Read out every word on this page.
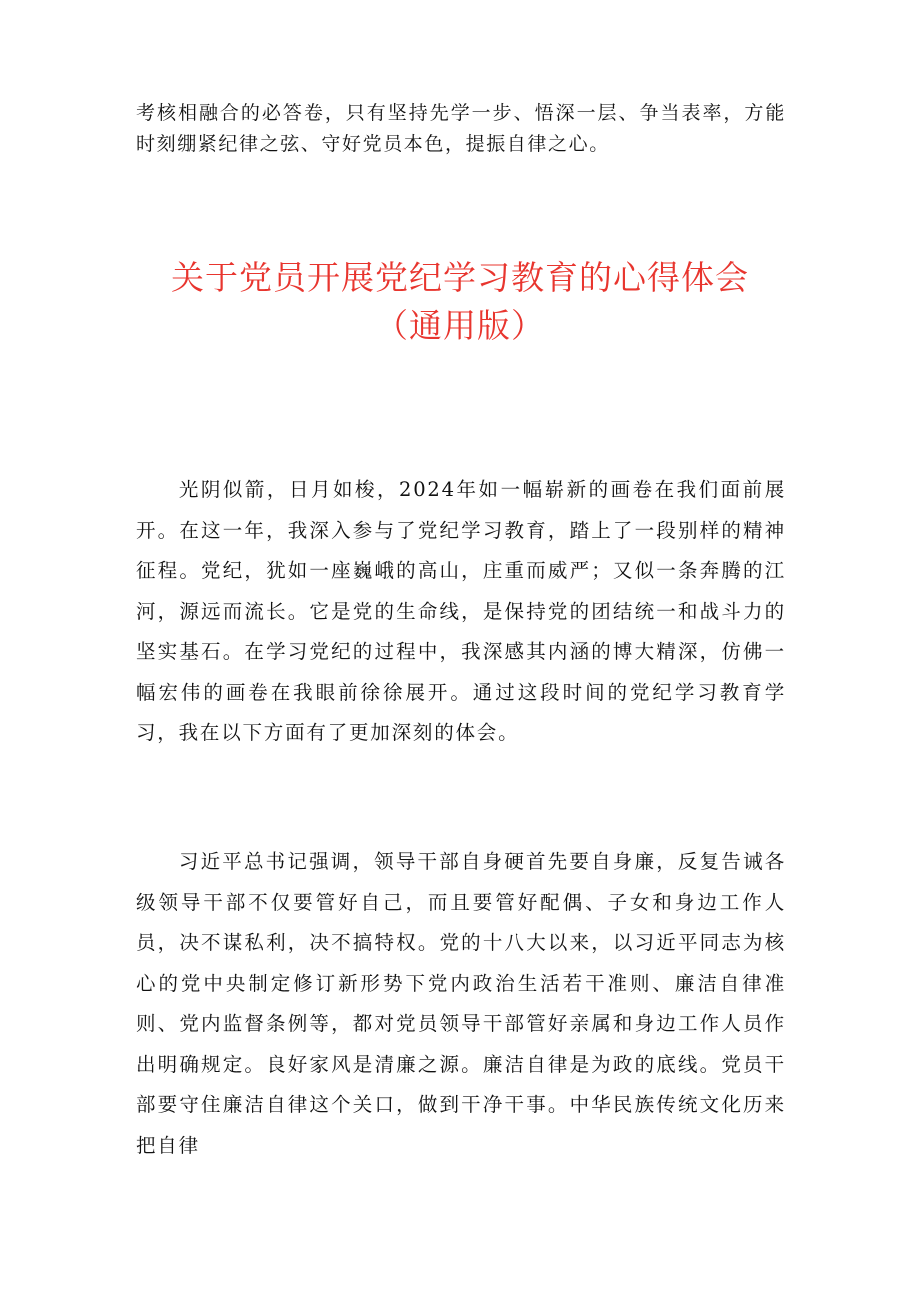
考核相融合的必答卷，只有坚持先学一步、悟深一层、争当表率，方能时刻绷紧纪律之弦、守好党员本色，提振自律之心。

关于党员开展党纪学习教育的心得体会
（通用版）

光阴似箭，日月如梭，2024年如一幅崭新的画卷在我们面前展开。在这一年，我深入参与了党纪学习教育，踏上了一段别样的精神征程。党纪，犹如一座巍峨的高山，庄重而威严；又似一条奔腾的江河，源远而流长。它是党的生命线，是保持党的团结统一和战斗力的坚实基石。在学习党纪的过程中，我深感其内涵的博大精深，仿佛一幅宏伟的画卷在我眼前徐徐展开。通过这段时间的党纪学习教育学习，我在以下方面有了更加深刻的体会。

习近平总书记强调，领导干部自身硬首先要自身廉，反复告诫各级领导干部不仅要管好自己，而且要管好配偶、子女和身边工作人员，决不谋私利，决不搞特权。党的十八大以来，以习近平同志为核心的党中央制定修订新形势下党内政治生活若干准则、廉洁自律准则、党内监督条例等，都对党员领导干部管好亲属和身边工作人员作出明确规定。良好家风是清廉之源。廉洁自律是为政的底线。党员干部要守住廉洁自律这个关口，做到干净干事。中华民族传统文化历来把自律
